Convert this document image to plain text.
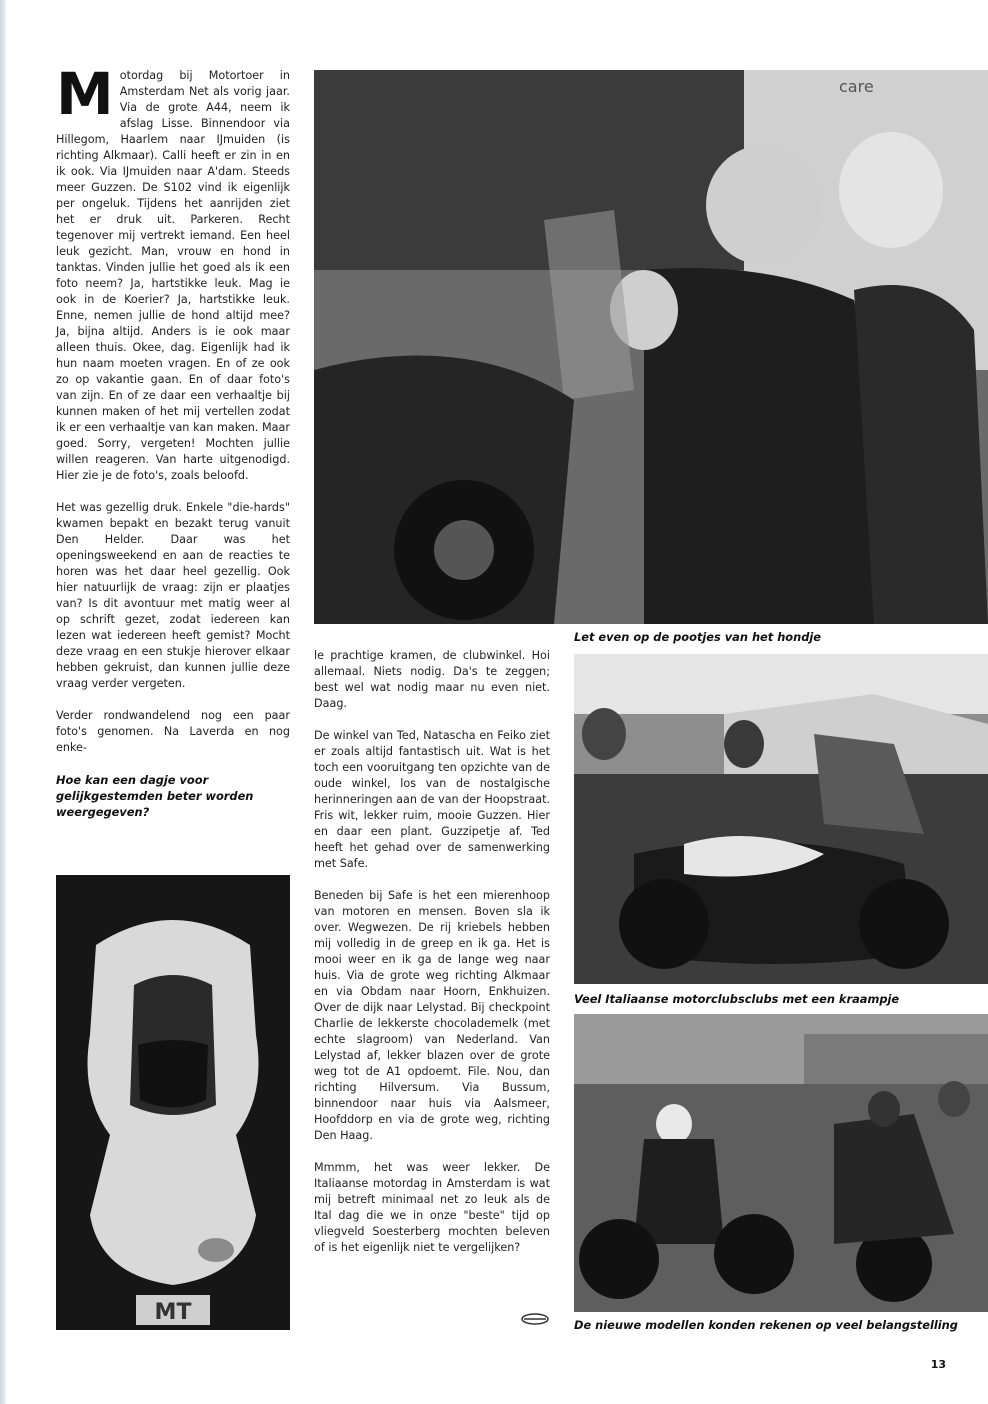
Motordag bij Motortoer in Amsterdam Net als vorig jaar. Via de grote A44, neem ik afslag Lisse. Binnendoor via Hillegom, Haarlem naar IJmuiden (is richting Alkmaar). Calli heeft er zin in en ik ook. Via IJmuiden naar A'dam. Steeds meer Guzzen. De S102 vind ik eigenlijk per ongeluk. Tijdens het aanrijden ziet het er druk uit. Parkeren. Recht tegenover mij vertrekt iemand. Een heel leuk gezicht. Man, vrouw en hond in tanktas. Vinden jullie het goed als ik een foto neem? Ja, hartstikke leuk. Mag ie ook in de Koerier? Ja, hartstikke leuk. Enne, nemen jullie de hond altijd mee? Ja, bijna altijd. Anders is ie ook maar alleen thuis. Okee, dag. Eigenlijk had ik hun naam moeten vragen. En of ze ook zo op vakantie gaan. En of daar foto's van zijn. En of ze daar een verhaaltje bij kunnen maken of het mij vertellen zodat ik er een verhaaltje van kan maken. Maar goed. Sorry, vergeten! Mochten jullie willen reageren. Van harte uitgenodigd. Hier zie je de foto's, zoals beloofd.

Het was gezellig druk. Enkele "die-hards" kwamen bepakt en bezakt terug vanuit Den Helder. Daar was het openingsweekend en aan de reacties te horen was het daar heel gezellig. Ook hier natuurlijk de vraag: zijn er plaatjes van? Is dit avontuur met matig weer al op schrift gezet, zodat iedereen kan lezen wat iedereen heeft gemist? Mocht deze vraag en een stukje hierover elkaar hebben gekruist, dan kunnen jullie deze vraag verder vergeten.

Verder rondwandelend nog een paar foto's genomen. Na Laverda en nog enke-

Hoe kan een dagje voor gelijkgestemden beter worden weergegeven?
MT
care
Let even op de pootjes van het hondje

le prachtige kramen, de clubwinkel. Hoi allemaal. Niets nodig. Da's te zeggen; best wel wat nodig maar nu even niet. Daag.

De winkel van Ted, Natascha en Feiko ziet er zoals altijd fantastisch uit. Wat is het toch een vooruitgang ten opzichte van de oude winkel, los van de nostalgische herinneringen aan de van der Hoopstraat. Fris wit, lekker ruim, mooie Guzzen. Hier en daar een plant. Guzzipetje af. Ted heeft het gehad over de samenwerking met Safe.

Beneden bij Safe is het een mierenhoop van motoren en mensen. Boven sla ik over. Wegwezen. De rij kriebels hebben mij volledig in de greep en ik ga. Het is mooi weer en ik ga de lange weg naar huis. Via de grote weg richting Alkmaar en via Obdam naar Hoorn, Enkhuizen. Over de dijk naar Lelystad. Bij checkpoint Charlie de lekkerste chocolademelk (met echte slagroom) van Nederland. Van Lelystad af, lekker blazen over de grote weg tot de A1 opdoemt. File. Nou, dan richting Hilversum. Via Bussum, binnendoor naar huis via Aalsmeer, Hoofddorp en via de grote weg, richting Den Haag.

Mmmm, het was weer lekker. De Italiaanse motordag in Amsterdam is wat mij betreft minimaal net zo leuk als de Ital dag die we in onze "beste" tijd op vliegveld Soesterberg mochten beleven of is het eigenlijk niet te vergelijken?

Veel Italiaanse motorclubsclubs met een kraampje
De nieuwe modellen konden rekenen op veel belangstelling
13
